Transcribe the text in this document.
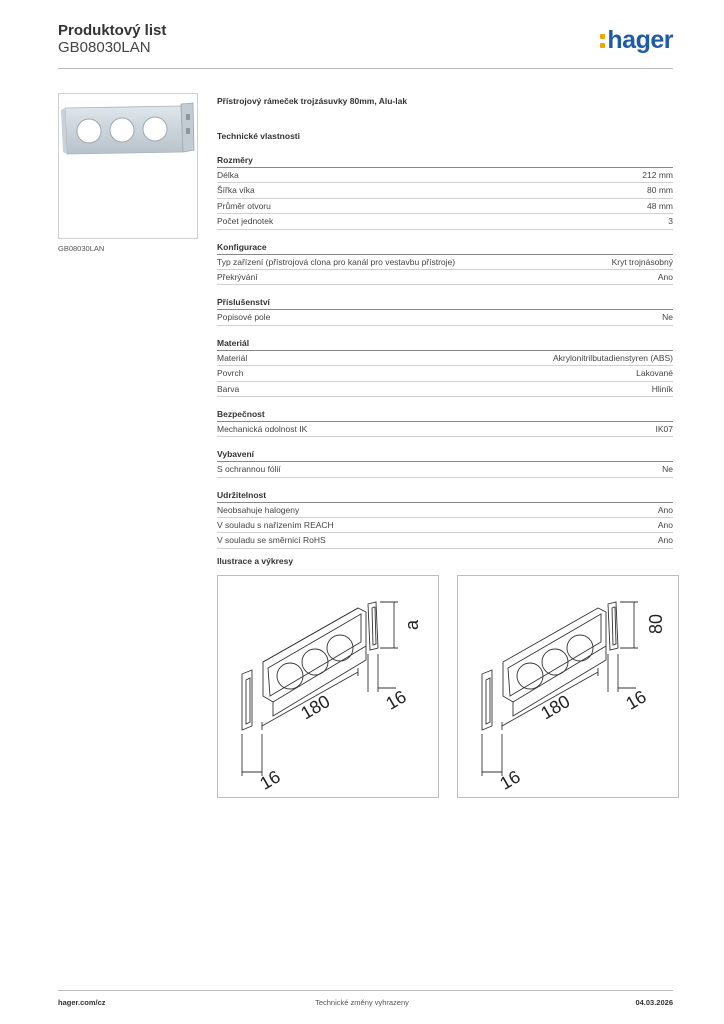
Produktový list
GB08030LAN	hager
GB08030LAN
Přístrojový rámeček trojzásuvky 80mm, Alu-lak
Technické vlastnosti
Rozměry
Délka	212 mm
Šířka víka	80 mm
Průměr otvoru	48 mm
Počet jednotek	3
Konfigurace
Typ zařízení (přístrojová clona pro kanál pro vestavbu přístroje)	Kryt trojnásobný
Překrývání	Ano
Příslušenství
Popisové pole	Ne
Materiál
Materiál	Akrylonitrilbutadienstyren (ABS)
Povrch	Lakované
Barva	Hliník
Bezpečnost
Mechanická odolnost IK	IK07
Vybavení
S ochrannou fólií	Ne
Udržitelnost
Neobsahuje halogeny	Ano
V souladu s nařízením REACH	Ano
V souladu se směrnicí RoHS	Ano
Ilustrace a výkresy
180	16
16
a
180	16
16
80
hager.com/cz	Technické změny vyhrazeny	04.03.2026
